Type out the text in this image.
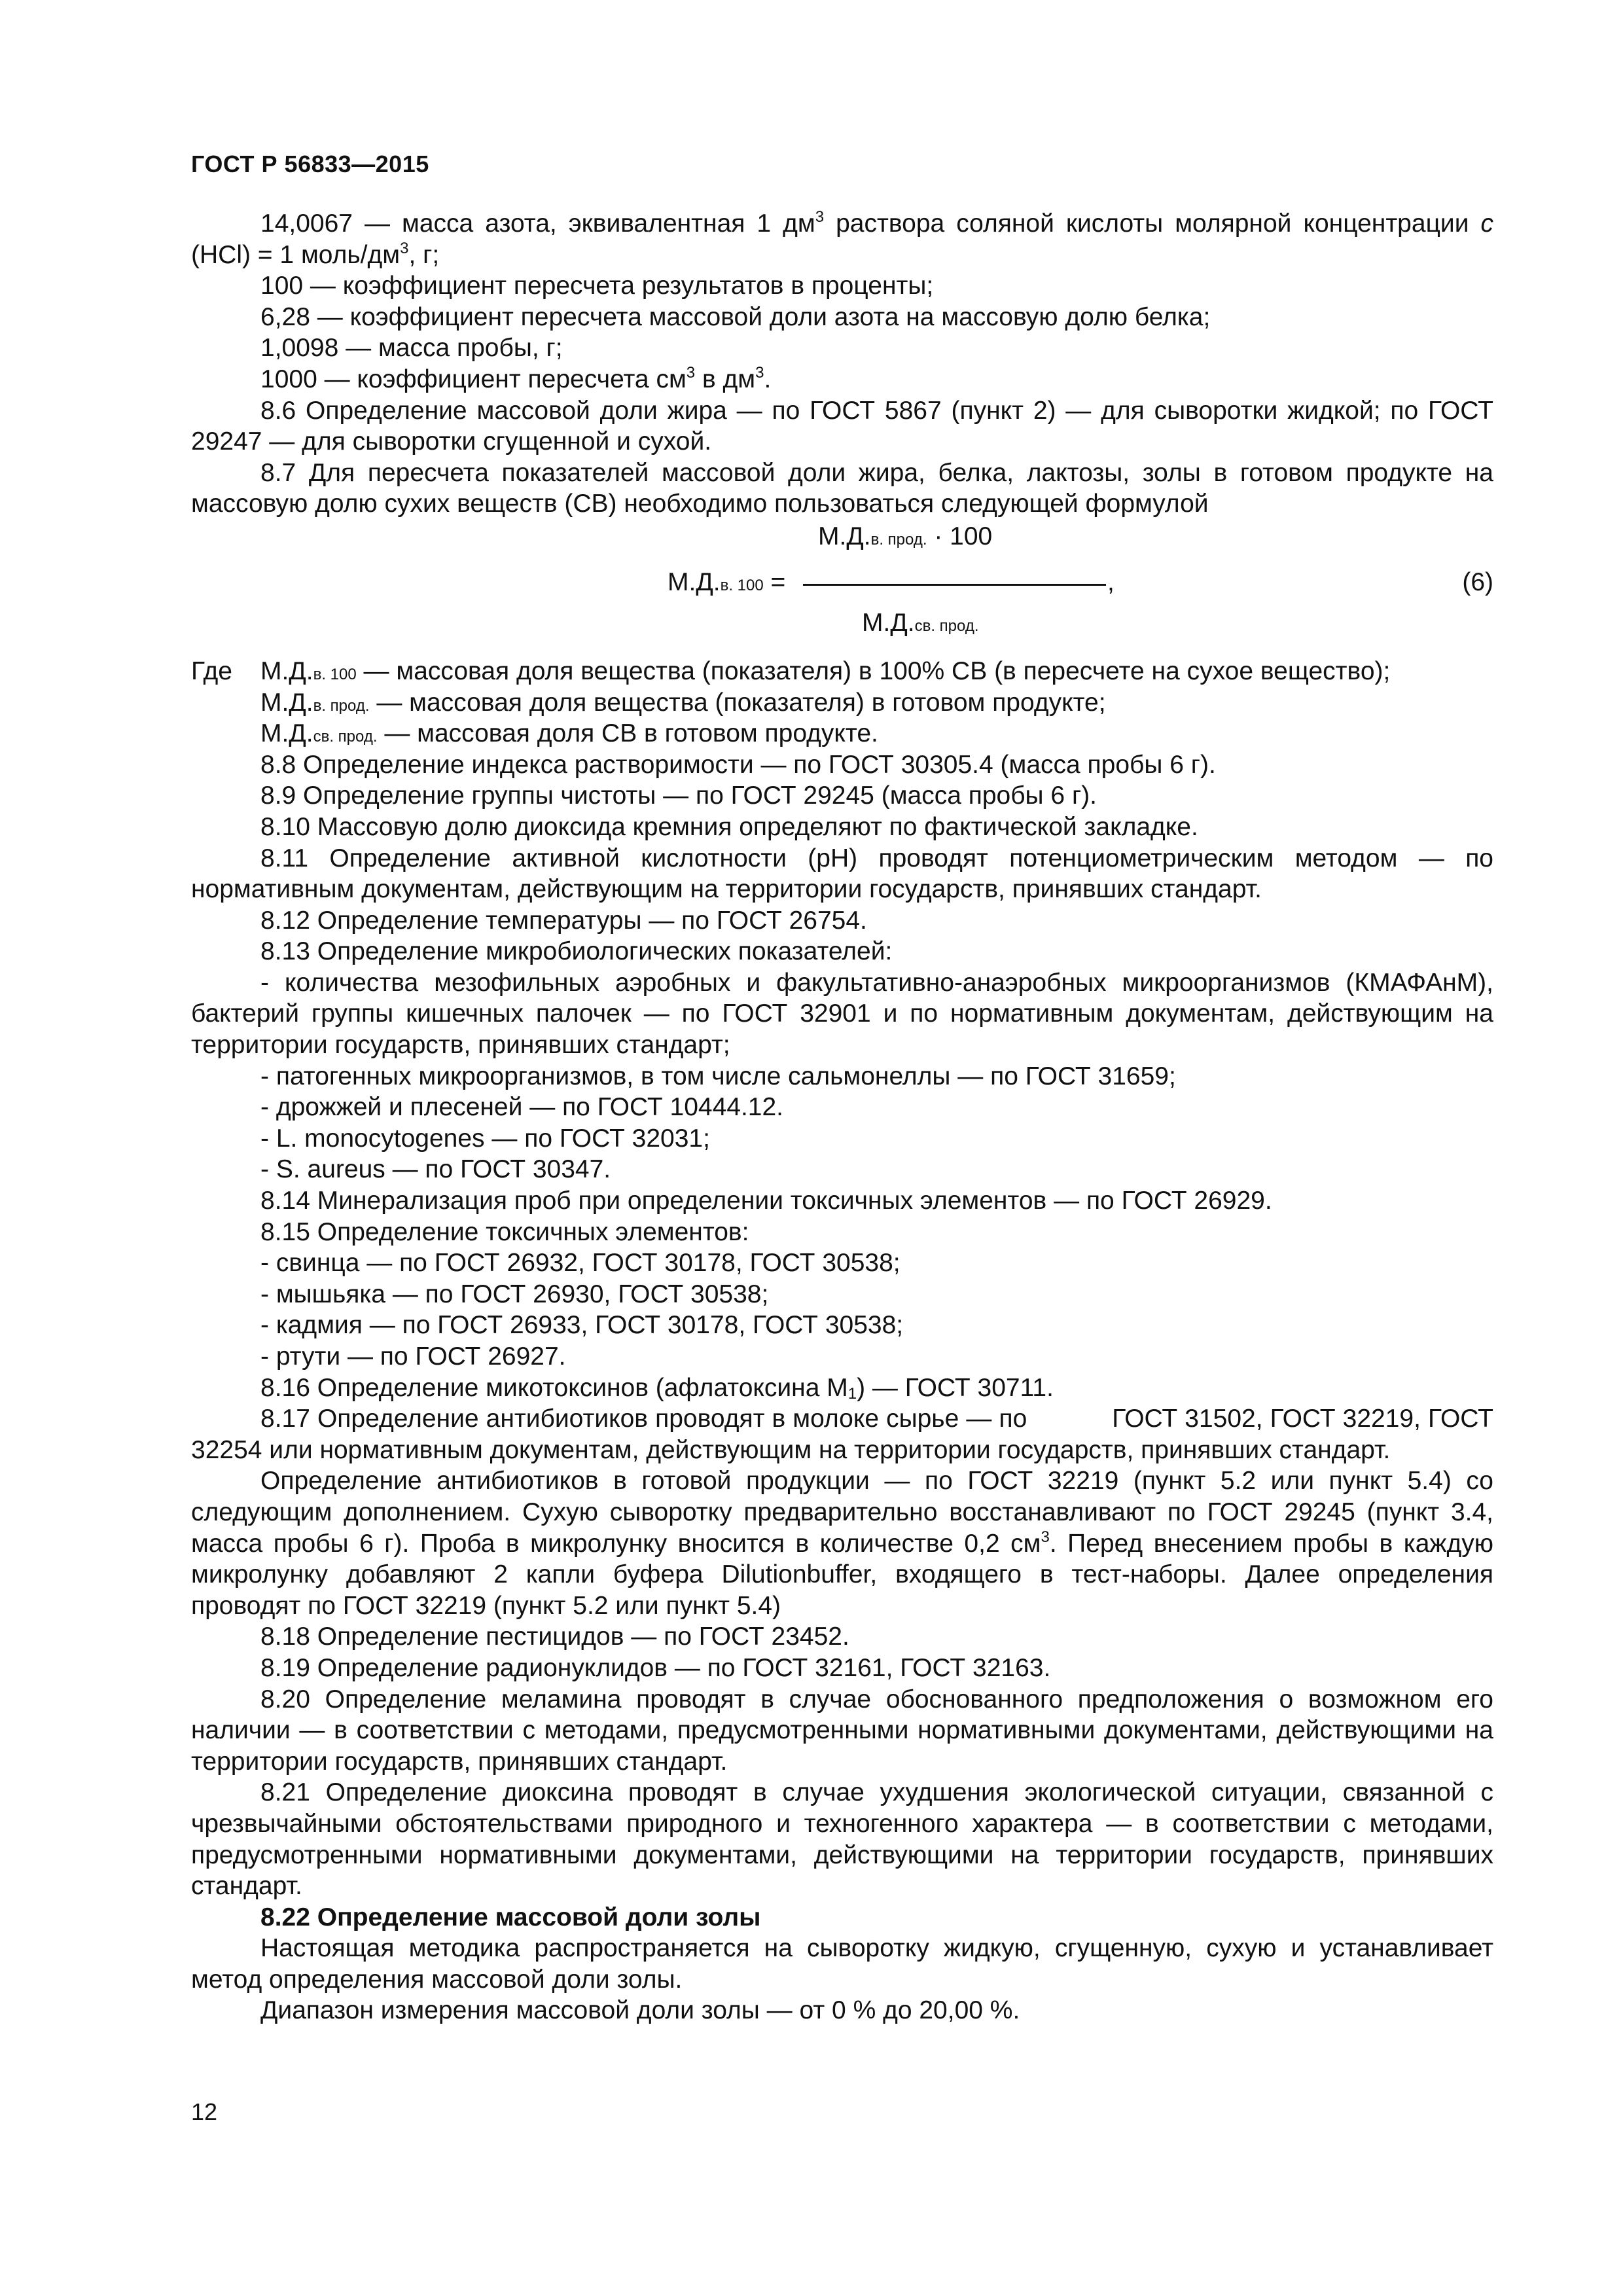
ГОСТ Р 56833—2015

14,0067 — масса азота, эквивалентная 1 $дм^3$ раствора соляной кислоты молярной концентрации c (HCl) = 1 моль/$дм^3$, г;

100 — коэффициент пересчета результатов в проценты;

6,28 — коэффициент пересчета массовой доли азота на массовую долю белка;

1,0098 — масса пробы, г;

1000 — коэффициент пересчета $см^3$ в $дм^3$.

8.6 Определение массовой доли жира — по ГОСТ 5867 (пункт 2) — для сыворотки жидкой; по ГОСТ 29247 — для сыворотки сгущенной и сухой.

8.7 Для пересчета показателей массовой доли жира, белка, лактозы, золы в готовом продукте на массовую долю сухих веществ (СВ) необходимо пользоваться следующей формулой

М.Д.в. прод. · 100
М.Д.в. 100 =	,
М.Д.св. прод.
(6)
Где М.Д.в. 100 — массовая доля вещества (показателя) в 100% СВ (в пересчете на сухое вещество);
М.Д.в. прод. — массовая доля вещества (показателя) в готовом продукте;
М.Д.св. прод. — массовая доля СВ в готовом продукте.

8.8 Определение индекса растворимости — по ГОСТ 30305.4 (масса пробы 6 г).

8.9 Определение группы чистоты — по ГОСТ 29245 (масса пробы 6 г).

8.10 Массовую долю диоксида кремния определяют по фактической закладке.

8.11 Определение активной кислотности (pH) проводят потенциометрическим методом — по нормативным документам, действующим на территории государств, принявших стандарт.

8.12 Определение температуры — по ГОСТ 26754.

8.13 Определение микробиологических показателей:

- количества мезофильных аэробных и факультативно-анаэробных микроорганизмов (КМАФАнМ), бактерий группы кишечных палочек — по ГОСТ 32901 и по нормативным документам, действующим на территории государств, принявших стандарт;

- патогенных микроорганизмов, в том числе сальмонеллы — по ГОСТ 31659;

- дрожжей и плесеней — по ГОСТ 10444.12.

- L. monocytogenes — по ГОСТ 32031;

- S. aureus — по ГОСТ 30347.

8.14 Минерализация проб при определении токсичных элементов — по ГОСТ 26929.

8.15 Определение токсичных элементов:

- свинца — по ГОСТ 26932, ГОСТ 30178, ГОСТ 30538;

- мышьяка — по ГОСТ 26930, ГОСТ 30538;

- кадмия — по ГОСТ 26933, ГОСТ 30178, ГОСТ 30538;

- ртути — по ГОСТ 26927.

8.16 Определение микотоксинов (афлатоксина $M_1$) — ГОСТ 30711.

8.17 Определение антибиотиков проводят в молоке сырье — по	ГОСТ 31502, ГОСТ 32219, ГОСТ 32254 или нормативным документам, действующим на территории государств, принявших стандарт.

Определение антибиотиков в готовой продукции — по ГОСТ 32219 (пункт 5.2 или пункт 5.4) со следующим дополнением. Сухую сыворотку предварительно восстанавливают по ГОСТ 29245 (пункт 3.4, масса пробы 6 г). Проба в микролунку вносится в количестве 0,2 $см^3$. Перед внесением пробы в каждую микролунку добавляют 2 капли буфера Dilutionbuffer, входящего в тест-наборы. Далее определения проводят по ГОСТ 32219 (пункт 5.2 или пункт 5.4)

8.18 Определение пестицидов — по ГОСТ 23452.

8.19 Определение радионуклидов — по ГОСТ 32161, ГОСТ 32163.

8.20 Определение меламина проводят в случае обоснованного предположения о возможном его наличии — в соответствии с методами, предусмотренными нормативными документами, действующими на территории государств, принявших стандарт.

8.21 Определение диоксина проводят в случае ухудшения экологической ситуации, связанной с чрезвычайными обстоятельствами природного и техногенного характера — в соответствии с методами, предусмотренными нормативными документами, действующими на территории государств, принявших стандарт.

8.22 Определение массовой доли золы

Настоящая методика распространяется на сыворотку жидкую, сгущенную, сухую и устанавливает метод определения массовой доли золы.

Диапазон измерения массовой доли золы — от 0 % до 20,00 %.

12
